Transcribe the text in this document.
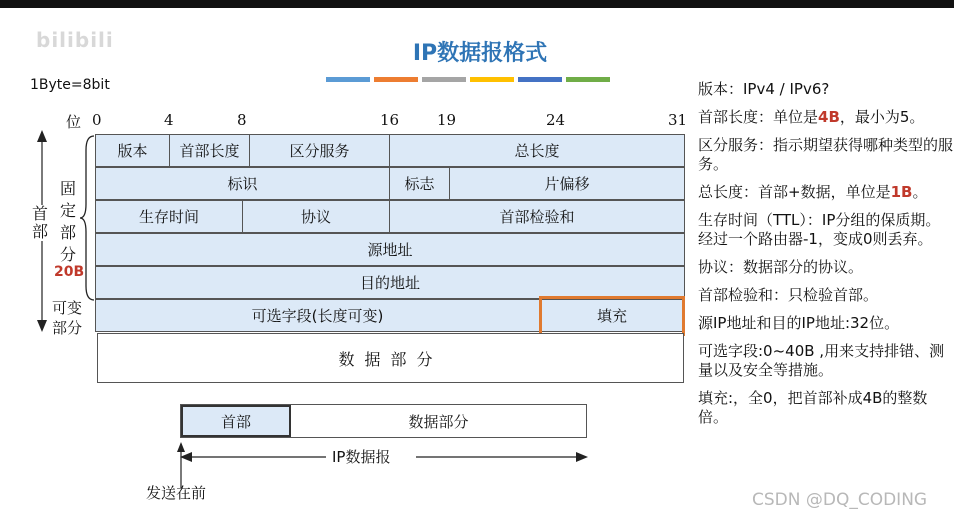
bilibili
IP数据报格式
1Byte=8bit
位 0	4	8	16	19	24	31
版本	首部长度	区分服务	总长度
标识	标志	片偏移
生存时间	协议	首部检验和
源地址
目的地址
可选字段(长度可变)	填充
数据部分
首部
固定部分
20B
可变部分
首部	数据部分
IP数据报
发送在前
版本：IPv4 / IPv6?
首部长度：单位是4B，最小为5。
区分服务：指示期望获得哪种类型的服务。
总长度：首部+数据，单位是1B。
生存时间（TTL）：IP分组的保质期。经过一个路由器-1，变成0则丢弃。
协议：数据部分的协议。
首部检验和：只检验首部。
源IP地址和目的IP地址:32位。
可选字段:0~40B ,用来支持排错、测量以及安全等措施。
填充:，全0，把首部补成4B的整数倍。
CSDN @DQ_CODING
